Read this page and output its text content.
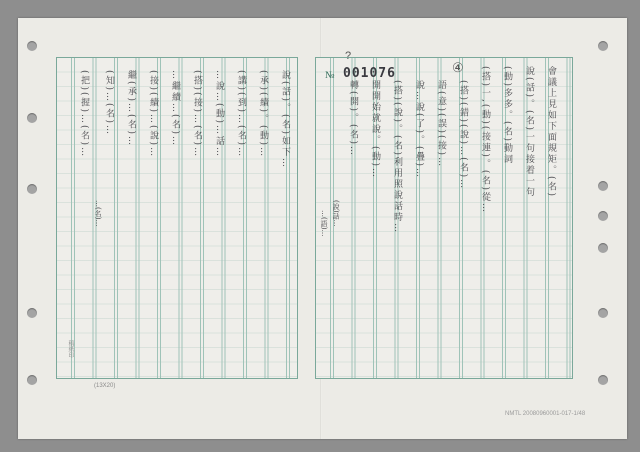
?
④
№ 001076	會議上見如下面規矩。(名)
說(話)。(名)一句接着一句
(動)多多。(名)動詞
(搭)一,(動)(接連)。(名)從…
(搭)(錯)(說)…(名)…
語(意)(誤)(接)…
說…說(了)。(疊)…
(搭)(說)。(名)利用照說話時…
開開始就說。(動)…
轉(開)。(名)…
(說)話…
…(語)…
…(名)…
說(話)。(名)如下…
(承)(續)。(動)…
(講)(到)…(名)…
…說…(動)…話…
(搭)(接)…(名)…
…繼續…(名)…
(接)(續)…(說)…
繼(承)…(名)…
(知)…(名)…
(把)(握)…(名)…
稿紙印
(13X20)
NMTL 20080960001-017-1/48
